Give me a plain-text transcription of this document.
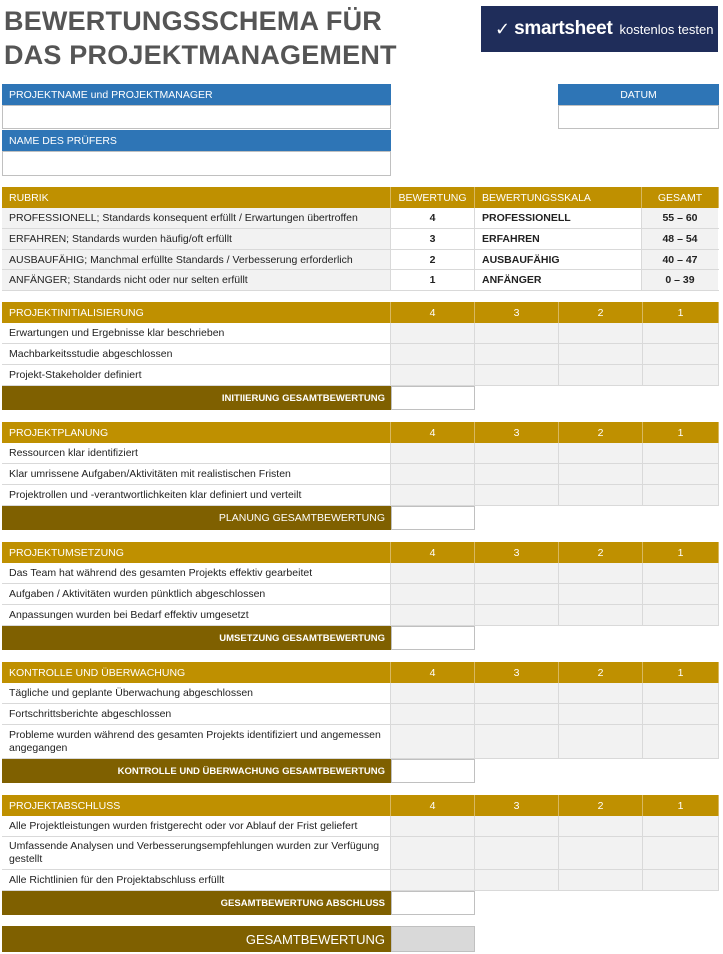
BEWERTUNGSSCHEMA FÜR
DAS PROJEKTMANAGEMENT
✓ smartsheet kostenlos testen
PROJEKTNAME und PROJEKTMANAGER	DATUM
NAME DES PRÜFERS
RUBRIK	BEWERTUNG	BEWERTUNGSSKALA	GESAMT
PROFESSIONELL; Standards konsequent erfüllt / Erwartungen übertroffen	4	PROFESSIONELL	55 – 60
ERFAHREN; Standards wurden häufig/oft erfüllt	3	ERFAHREN	48 – 54
AUSBAUFÄHIG; Manchmal erfüllte Standards / Verbesserung erforderlich	2	AUSBAUFÄHIG	40 – 47
ANFÄNGER; Standards nicht oder nur selten erfüllt	1	ANFÄNGER	0 – 39
PROJEKTINITIALISIERUNG	4	3	2	1
Erwartungen und Ergebnisse klar beschrieben
Machbarkeitsstudie abgeschlossen
Projekt-Stakeholder definiert
INITIIERUNG GESAMTBEWERTUNG
PROJEKTPLANUNG	4	3	2	1
Ressourcen klar identifiziert
Klar umrissene Aufgaben/Aktivitäten mit realistischen Fristen
Projektrollen und -verantwortlichkeiten klar definiert und verteilt
PLANUNG GESAMTBEWERTUNG
PROJEKTUMSETZUNG	4	3	2	1
Das Team hat während des gesamten Projekts effektiv gearbeitet
Aufgaben / Aktivitäten wurden pünktlich abgeschlossen
Anpassungen wurden bei Bedarf effektiv umgesetzt
UMSETZUNG GESAMTBEWERTUNG
KONTROLLE UND ÜBERWACHUNG	4	3	2	1
Tägliche und geplante Überwachung abgeschlossen
Fortschrittsberichte abgeschlossen
Probleme wurden während des gesamten Projekts identifiziert und angemessen angegangen
KONTROLLE UND ÜBERWACHUNG GESAMTBEWERTUNG
PROJEKTABSCHLUSS	4	3	2	1
Alle Projektleistungen wurden fristgerecht oder vor Ablauf der Frist geliefert
Umfassende Analysen und Verbesserungsempfehlungen wurden zur Verfügung gestellt
Alle Richtlinien für den Projektabschluss erfüllt
GESAMTBEWERTUNG ABSCHLUSS
GESAMTBEWERTUNG
